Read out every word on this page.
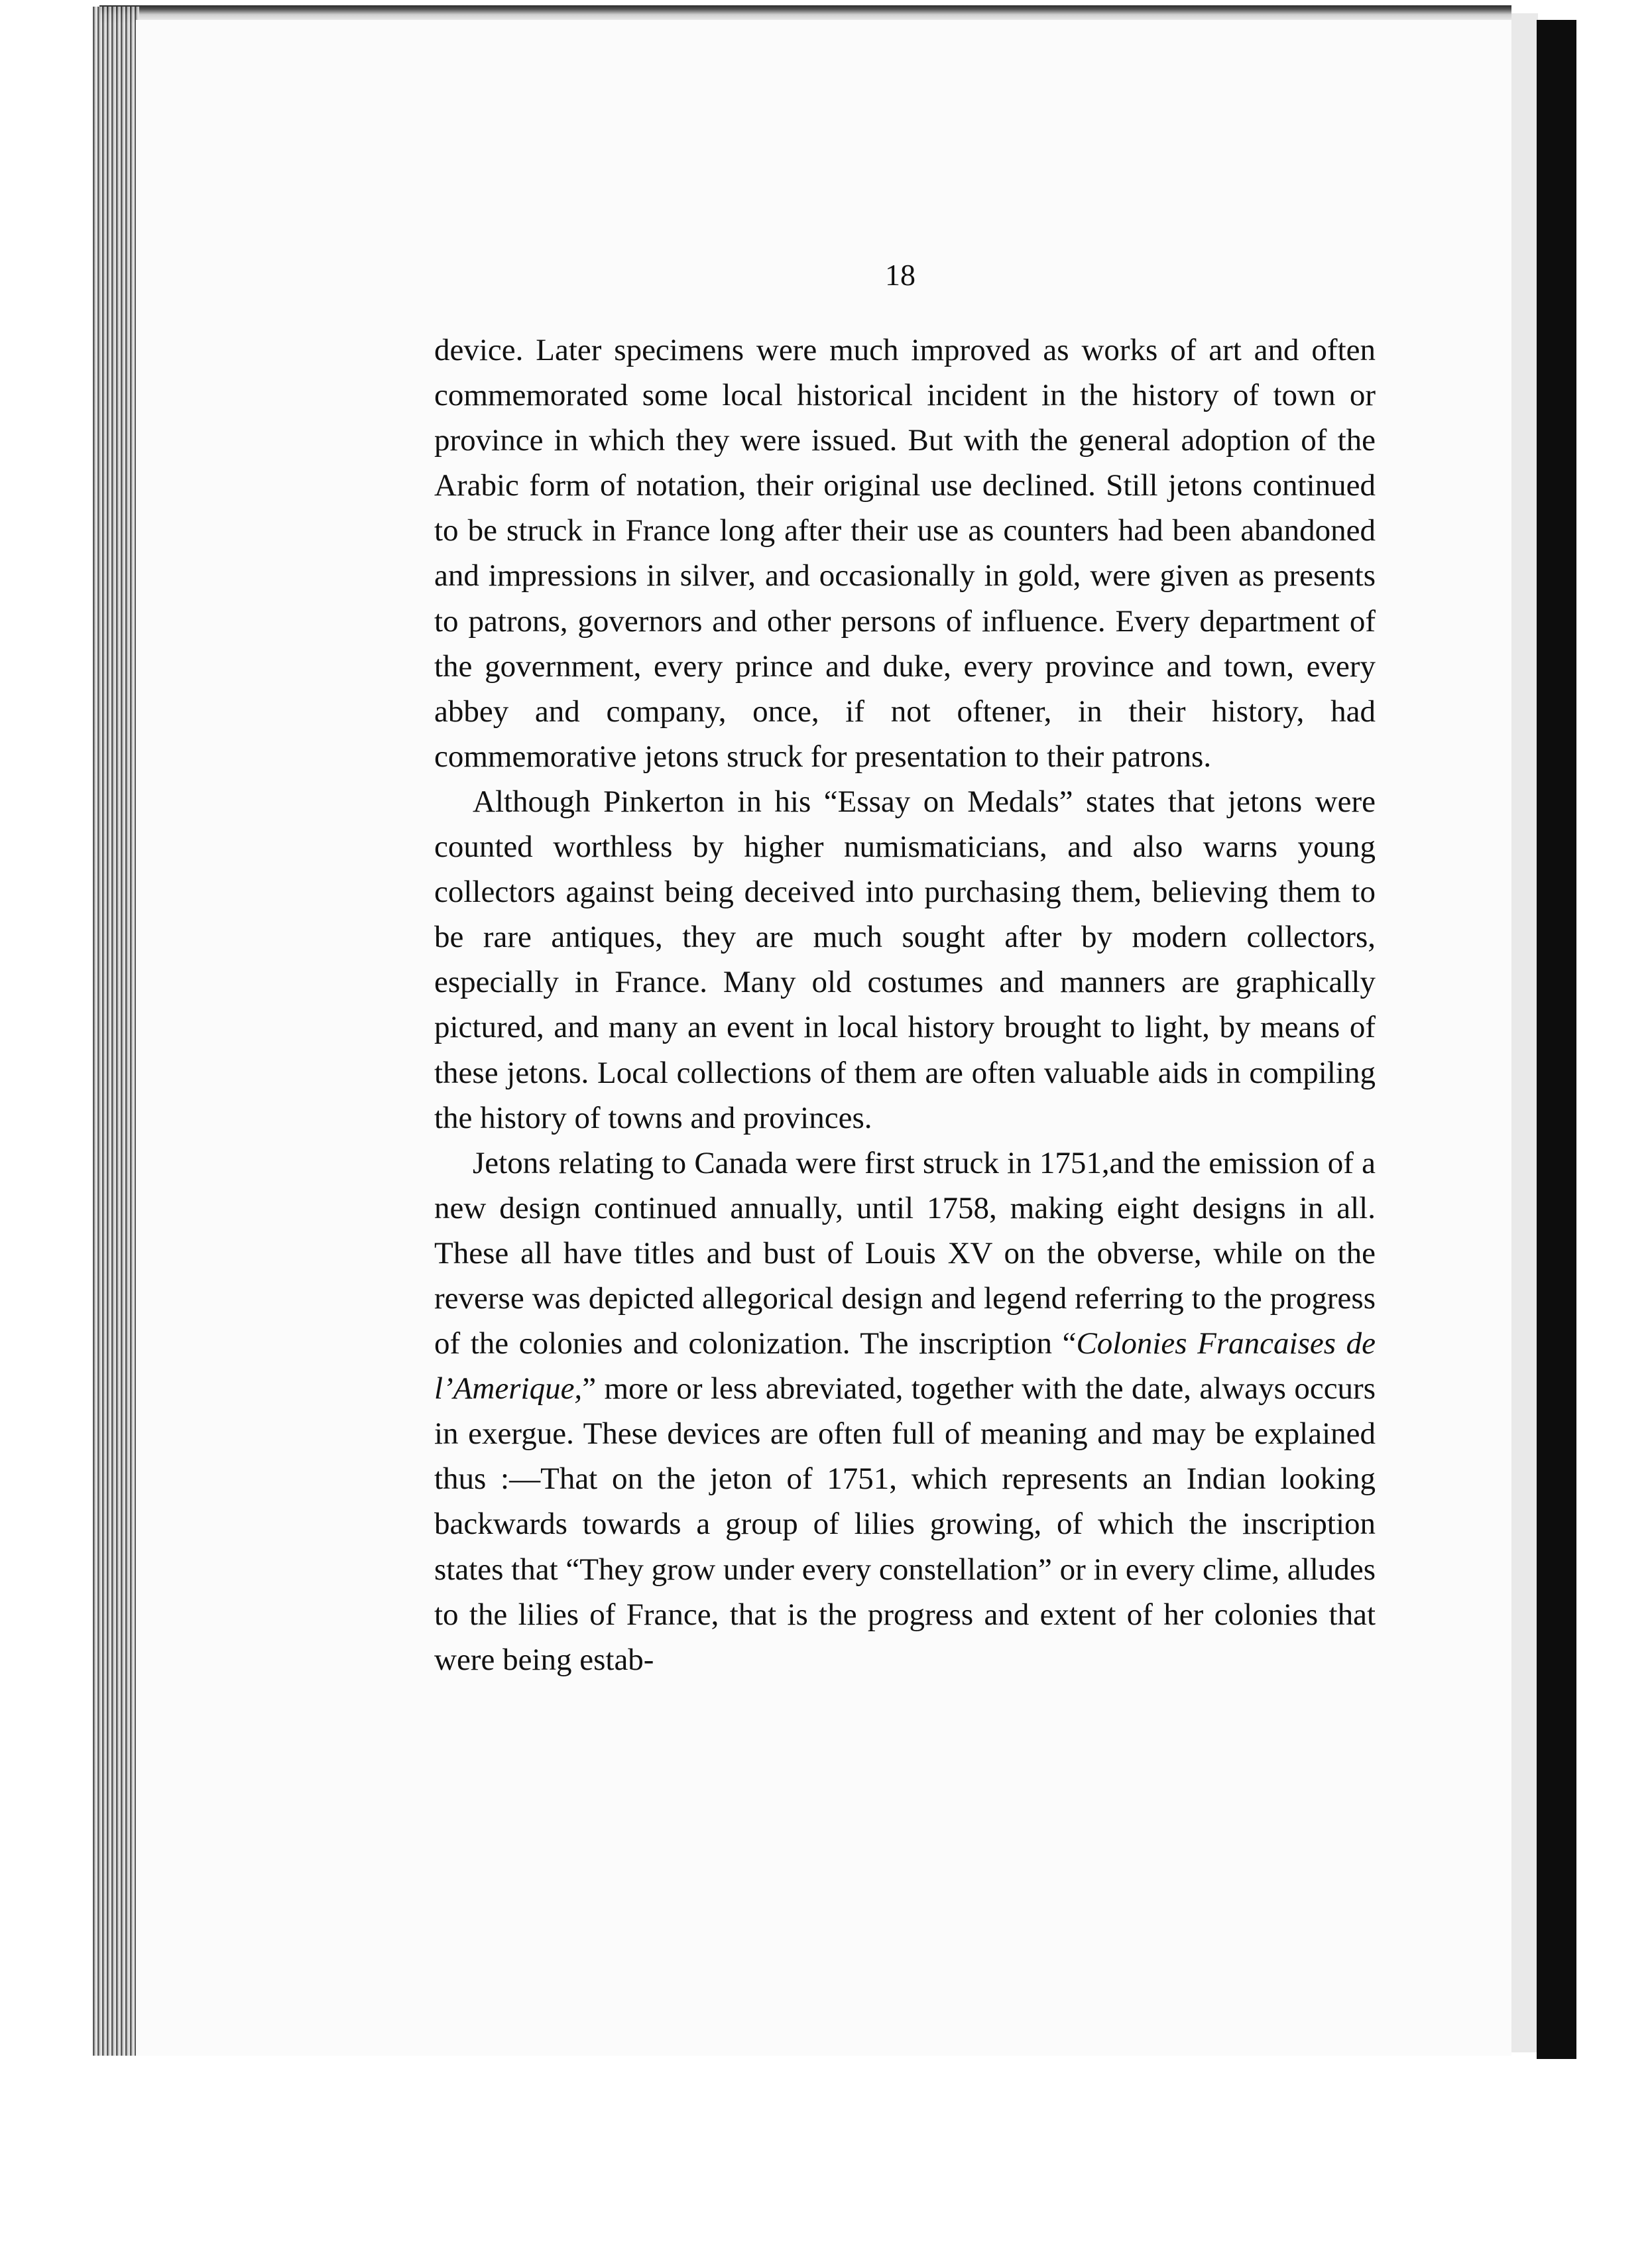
18

device. Later specimens were much improved as works of art and often commemorated some local historical incident in the history of town or province in which they were issued. But with the general adoption of the Arabic form of notation, their original use declined. Still jetons continued to be struck in France long after their use as counters had been abandoned and impressions in silver, and occasionally in gold, were given as presents to patrons, governors and other persons of influence. Every department of the government, every prince and duke, every province and town, every abbey and company, once, if not oftener, in their history, had commemorative jetons struck for presentation to their patrons.

Although Pinkerton in his “Essay on Medals” states that jetons were counted worthless by higher numismaticians, and also warns young collectors against being deceived into purchasing them, believing them to be rare antiques, they are much sought after by modern collectors, especially in France. Many old costumes and manners are graphically pictured, and many an event in local history brought to light, by means of these jetons. Local collections of them are often valuable aids in compiling the history of towns and provinces.

Jetons relating to Canada were first struck in 1751,and the emission of a new design continued annually, until 1758, making eight designs in all. These all have titles and bust of Louis XV on the obverse, while on the reverse was depicted allegorical design and legend referring to the progress of the colonies and colonization. The inscription “Colonies Francaises de l’Amerique,” more or less abreviated, together with the date, always occurs in exergue. These devices are often full of meaning and may be explained thus :—That on the jeton of 1751, which represents an Indian looking backwards towards a group of lilies growing, of which the inscription states that “They grow under every constellation” or in every clime, alludes to the lilies of France, that is the progress and extent of her colonies that were being estab-
